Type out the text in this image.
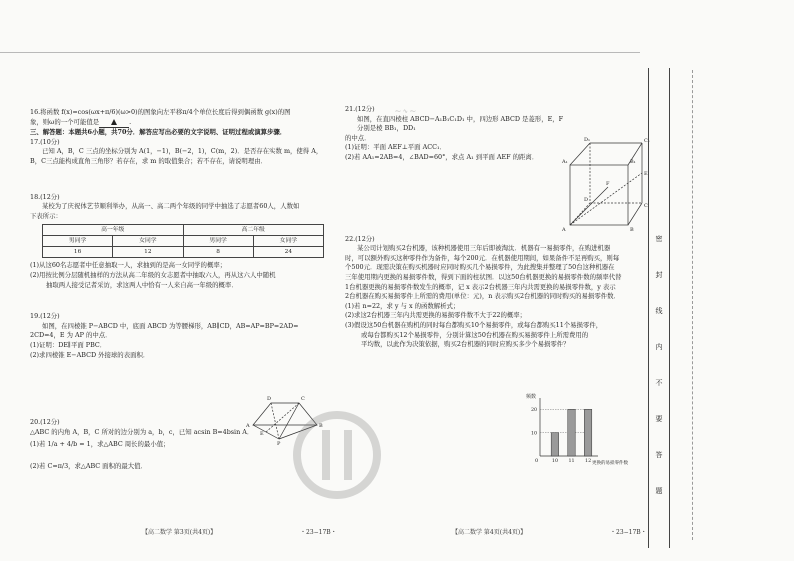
16.将函数 f(x)=cos(ωx+π/6)(ω>0)的图象向左平移π/4个单位长度后得到偶函数 g(x)的图

象，则ω的一个可能值是	.

三、解答题：本题共6小题，共70分．解答应写出必要的文字说明、证明过程或演算步骤．

17.(10分)

已知 A，B，C 三点的坐标分别为 A(1，−1)，B(−2，1)，C(m，2)．是否存在实数 m，使得 A，

B，C三点能构成直角三角形？若存在，求 m 的取值集合；若不存在，请说明理由．

18.(12分)

某校为了庆祝体艺节顺利举办，从高一、高二两个年级的同学中抽选了志愿者60人，人数如

下表所示：

高一年级		高二年级	
男同学	女同学	男同学	女同学
16	12	8	24

(1)从这60名志愿者中任意抽取一人，求抽到的是高一女同学的概率；

(2)用按比例分层随机抽样的方法从高二年级的女志愿者中抽取六人，再从这六人中随机

抽取两人接受记者采访，求这两人中恰有一人来自高一年级的概率．

19.(12分)

如图，在四棱锥 P−ABCD 中，底面 ABCD 为等腰梯形，AB∥CD，AB=AP=BP=2AD=

2CD=4，E 为 AP 的中点．

(1)证明：DE∥平面 PBC．

(2)求四棱锥 E−ABCD 外接球的表面积．

20.(12分)

△ABC 的内角 A，B，C 所对的边分别为 a，b，c，已知 acsin B=4bsin A．

(1)若 1/a + 4/b = 1，求△ABC 周长的最小值；

(2)若 C=π/3，求△ABC 面积的最大值．

A	B
C
D
E
P

21.(12分)

如图，在直四棱柱 ABCD−A₁B₁C₁D₁ 中，四边形 ABCD 是菱形，E，F 分别是棱 BB₁，DD₁

的中点．

(1)证明：平面 AEF⊥平面 ACC₁．

(2)若 AA₁=2AB=4，∠BAD=60°，求点 A₁ 到平面 AEF 的距离．

22.(12分)

某公司计划购买2台机器，该种机器使用三年后即被淘汰．机器有一易损零件，在购进机器

时，可以额外购买这种零件作为备件，每个200元．在机器使用期间，如果备件不足再购买，则每

个500元．现需决策在购买机器时应同时购买几个易损零件，为此搜集并整理了50台这种机器在

三年使用期内更换的易损零件数，得到下面的柱状图．以这50台机器更换的易损零件数的频率代替

1台机器更换的易损零件数发生的概率，记 x 表示2台机器三年内共需更换的易损零件数，y 表示

2台机器在购买易损零件上所需的费用(单位：元)，n 表示购买2台机器的同时购买的易损零件数．

(1)若 n=22，求 y 与 x 的函数解析式；

(2)求这2台机器三年内共需更换的易损零件数不大于22的概率；

(3)假设这50台机器在购机的同时每台都购买10个易损零件，或每台都购买11个易损零件，

或每台都购买12个易损零件，分别计算这50台机器在购买易损零件上所需费用的

平均数，以此作为决策依据，购买2台机器的同时应购买多少个易损零件？

A	B
C
D
A₁	B₁
C₁
D₁
E
F
频数
更换的易损零件数
0
10
20
10 11 12
⁓ ∿ ⁓
密
封
线
内
不
要
答
题
【高二数学 第3页(共4页)】	・23−17B・	【高二数学 第4页(共4页)】	・23−17B・
